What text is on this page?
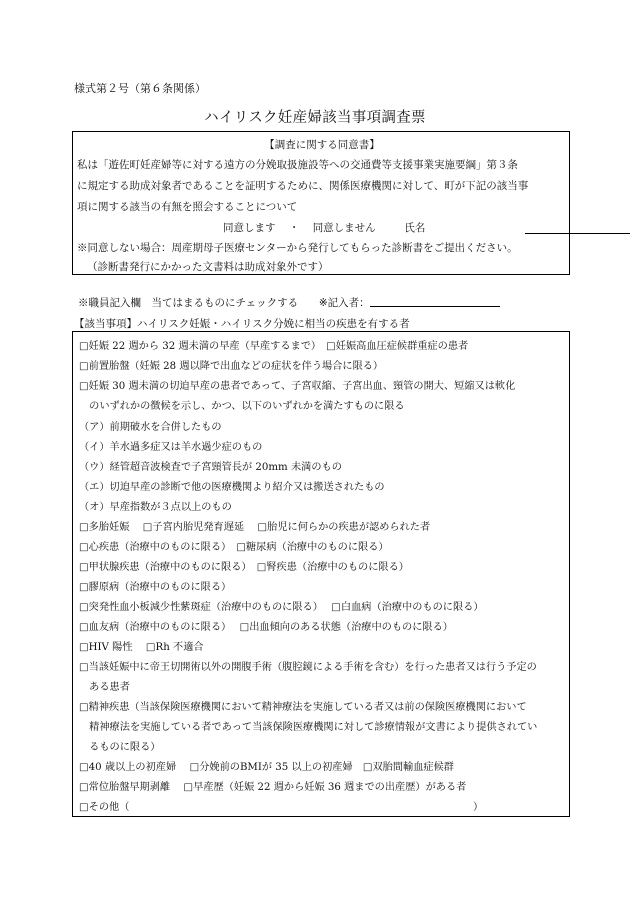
様式第２号（第６条関係）
ハイリスク妊産婦該当事項調査票
【調査に関する同意書】
私は「遊佐町妊産婦等に対する遠方の分娩取扱施設等への交通費等支援事業実施要綱」第３条
に規定する助成対象者であることを証明するために、関係医療機関に対して、町が下記の該当事
項に関する該当の有無を照会することについて
同意します ・ 同意しません	氏名
※同意しない場合：周産期母子医療センターから発行してもらった診断書をご提出ください。
（診断書発行にかかった文書料は助成対象外です）
※職員記入欄　当てはまるものにチェックする ※記入者：
【該当事項】ハイリスク妊娠・ハイリスク分娩に相当の疾患を有する者
□妊娠 22 週から 32 週未満の早産（早産するまで）　□妊娠高血圧症候群重症の患者
□前置胎盤（妊娠 28 週以降で出血などの症状を伴う場合に限る）
□妊娠 30 週未満の切迫早産の患者であって、子宮収縮、子宮出血、頸管の開大、短縮又は軟化
　のいずれかの徴候を示し、かつ、以下のいずれかを満たすものに限る
（ア）前期破水を合併したもの
（イ）羊水過多症又は羊水過少症のもの
（ウ）経管超音波検査で子宮頸管長が 20mm 未満のもの
（エ）切迫早産の診断で他の医療機関より紹介又は搬送されたもの
（オ）早産指数が３点以上のもの
□多胎妊娠　 □子宮内胎児発育遅延　 □胎児に何らかの疾患が認められた者
□心疾患（治療中のものに限る）　□糖尿病（治療中のものに限る）
□甲状腺疾患（治療中のものに限る）　□腎疾患（治療中のものに限る）
□膠原病（治療中のものに限る）
□突発性血小板減少性紫斑症（治療中のものに限る）　 □白血病（治療中のものに限る）
□血友病（治療中のものに限る）　 □出血傾向のある状態（治療中のものに限る）
□HIV 陽性　 □Rh 不適合
□当該妊娠中に帝王切開術以外の開腹手術（腹腔鏡による手術を含む）を行った患者又は行う予定の
　ある患者
□精神疾患（当該保険医療機関において精神療法を実施している者又は前の保険医療機関において
　精神療法を実施している者であって当該保険医療機関に対して診療情報が文書により提供されてい
　るものに限る）
□40 歳以上の初産婦　 □分娩前のBMIが 35 以上の初産婦　□双胎間輸血症候群
□常位胎盤早期剥離　 □早産歴（妊娠 22 週から妊娠 36 週までの出産歴）がある者
□その他（	）
